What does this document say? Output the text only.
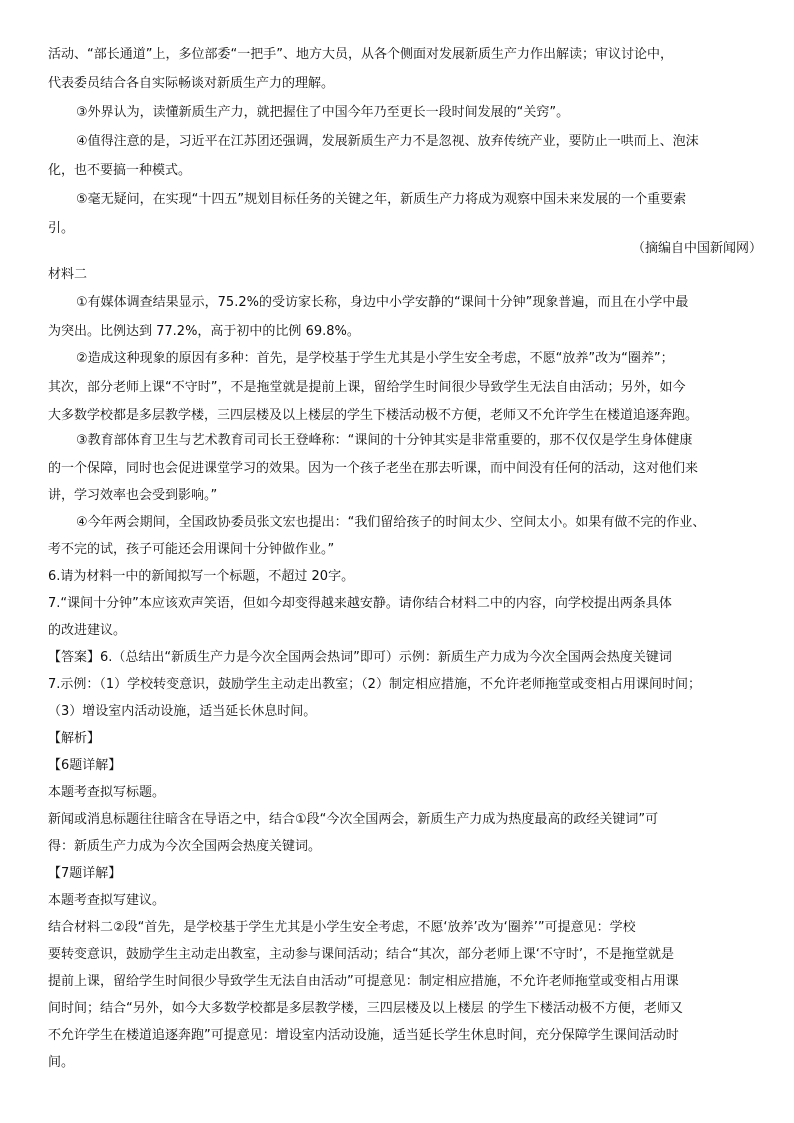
活动、“部长通道”上，多位部委“一把手”、地方大员，从各个侧面对发展新质生产力作出解读；审议讨论中，
代表委员结合各自实际畅谈对新质生产力的理解。
③外界认为，读懂新质生产力，就把握住了中国今年乃至更长一段时间发展的“关窍”。
④值得注意的是，习近平在江苏团还强调，发展新质生产力不是忽视、放弃传统产业，要防止一哄而上、泡沫
化，也不要搞一种模式。
⑤毫无疑问，在实现“十四五”规划目标任务的关键之年，新质生产力将成为观察中国未来发展的一个重要索
引。
（摘编自中国新闻网）
材料二
①有媒体调查结果显示，75.2%的受访家长称，身边中小学安静的“课间十分钟”现象普遍，而且在小学中最
为突出。比例达到 77.2%，高于初中的比例 69.8%。
②造成这种现象的原因有多种：首先，是学校基于学生尤其是小学生安全考虑，不愿“放养”改为“圈养”；
其次，部分老师上课“不守时”，不是拖堂就是提前上课，留给学生时间很少导致学生无法自由活动；另外，如今
大多数学校都是多层教学楼，三四层楼及以上楼层的学生下楼活动极不方便，老师又不允许学生在楼道追逐奔跑。
③教育部体育卫生与艺术教育司司长王登峰称：“课间的十分钟其实是非常重要的，那不仅仅是学生身体健康
的一个保障，同时也会促进课堂学习的效果。因为一个孩子老坐在那去听课，而中间没有任何的活动，这对他们来
讲，学习效率也会受到影响。”
④今年两会期间，全国政协委员张文宏也提出：“我们留给孩子的时间太少、空间太小。如果有做不完的作业、
考不完的试，孩子可能还会用课间十分钟做作业。”
6.请为材料一中的新闻拟写一个标题，不超过 20字。
7.“课间十分钟”本应该欢声笑语，但如今却变得越来越安静。请你结合材料二中的内容，向学校提出两条具体
的改进建议。
【答案】6.（总结出“新质生产力是今次全国两会热词”即可）示例：新质生产力成为今次全国两会热度关键词
7.示例：（1）学校转变意识，鼓励学生主动走出教室；（2）制定相应措施，不允许老师拖堂或变相占用课间时间；
（3）增设室内活动设施，适当延长休息时间。
【解析】
【6题详解】
本题考查拟写标题。
新闻或消息标题往往暗含在导语之中，结合①段“今次全国两会，新质生产力成为热度最高的政经关键词”可
得：新质生产力成为今次全国两会热度关键词。
【7题详解】
本题考查拟写建议。
结合材料二②段“首先，是学校基于学生尤其是小学生安全考虑，不愿‘放养’改为‘圈养’”可提意见：学校
要转变意识，鼓励学生主动走出教室，主动参与课间活动；结合“其次，部分老师上课‘不守时’，不是拖堂就是
提前上课，留给学生时间很少导致学生无法自由活动”可提意见：制定相应措施，不允许老师拖堂或变相占用课
间时间；结合“另外，如今大多数学校都是多层教学楼，三四层楼及以上楼层 的学生下楼活动极不方便，老师又
不允许学生在楼道追逐奔跑”可提意见：增设室内活动设施，适当延长学生休息时间，充分保障学生课间活动时
间。
